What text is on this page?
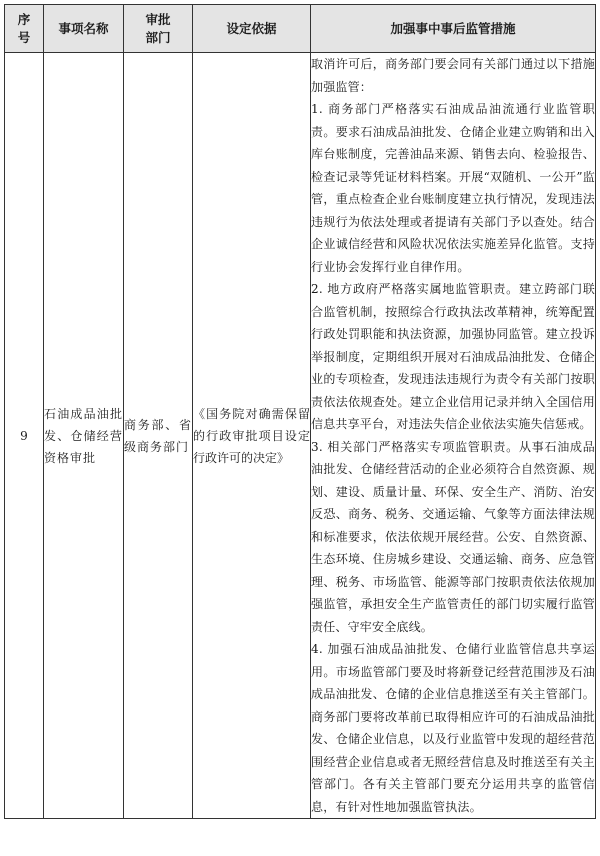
序号	事项名称	审批部门	设定依据	加强事中事后监管措施

9	石油成品油批发、仓储经营资格审批	商务部、省级商务部门	《国务院对确需保留的行政审批项目设定行政许可的决定》	取消许可后，商务部门要会同有关部门通过以下措施加强监管：

1. 商务部门严格落实石油成品油流通行业监管职责。要求石油成品油批发、仓储企业建立购销和出入库台账制度，完善油品来源、销售去向、检验报告、检查记录等凭证材料档案。开展“双随机、一公开”监管，重点检查企业台账制度建立执行情况，发现违法违规行为依法处理或者提请有关部门予以查处。结合企业诚信经营和风险状况依法实施差异化监管。支持行业协会发挥行业自律作用。

2. 地方政府严格落实属地监管职责。建立跨部门联合监管机制，按照综合行政执法改革精神，统筹配置行政处罚职能和执法资源，加强协同监管。建立投诉举报制度，定期组织开展对石油成品油批发、仓储企业的专项检查，发现违法违规行为责令有关部门按职责依法依规查处。建立企业信用记录并纳入全国信用信息共享平台，对违法失信企业依法实施失信惩戒。

3. 相关部门严格落实专项监管职责。从事石油成品油批发、仓储经营活动的企业必须符合自然资源、规划、建设、质量计量、环保、安全生产、消防、治安反恐、商务、税务、交通运输、气象等方面法律法规和标准要求，依法依规开展经营。公安、自然资源、生态环境、住房城乡建设、交通运输、商务、应急管理、税务、市场监管、能源等部门按职责依法依规加强监管，承担安全生产监管责任的部门切实履行监管责任、守牢安全底线。

4. 加强石油成品油批发、仓储行业监管信息共享运用。市场监管部门要及时将新登记经营范围涉及石油成品油批发、仓储的企业信息推送至有关主管部门。商务部门要将改革前已取得相应许可的石油成品油批发、仓储企业信息，以及行业监管中发现的超经营范围经营企业信息或者无照经营信息及时推送至有关主管部门。各有关主管部门要充分运用共享的监管信息，有针对性地加强监管执法。
